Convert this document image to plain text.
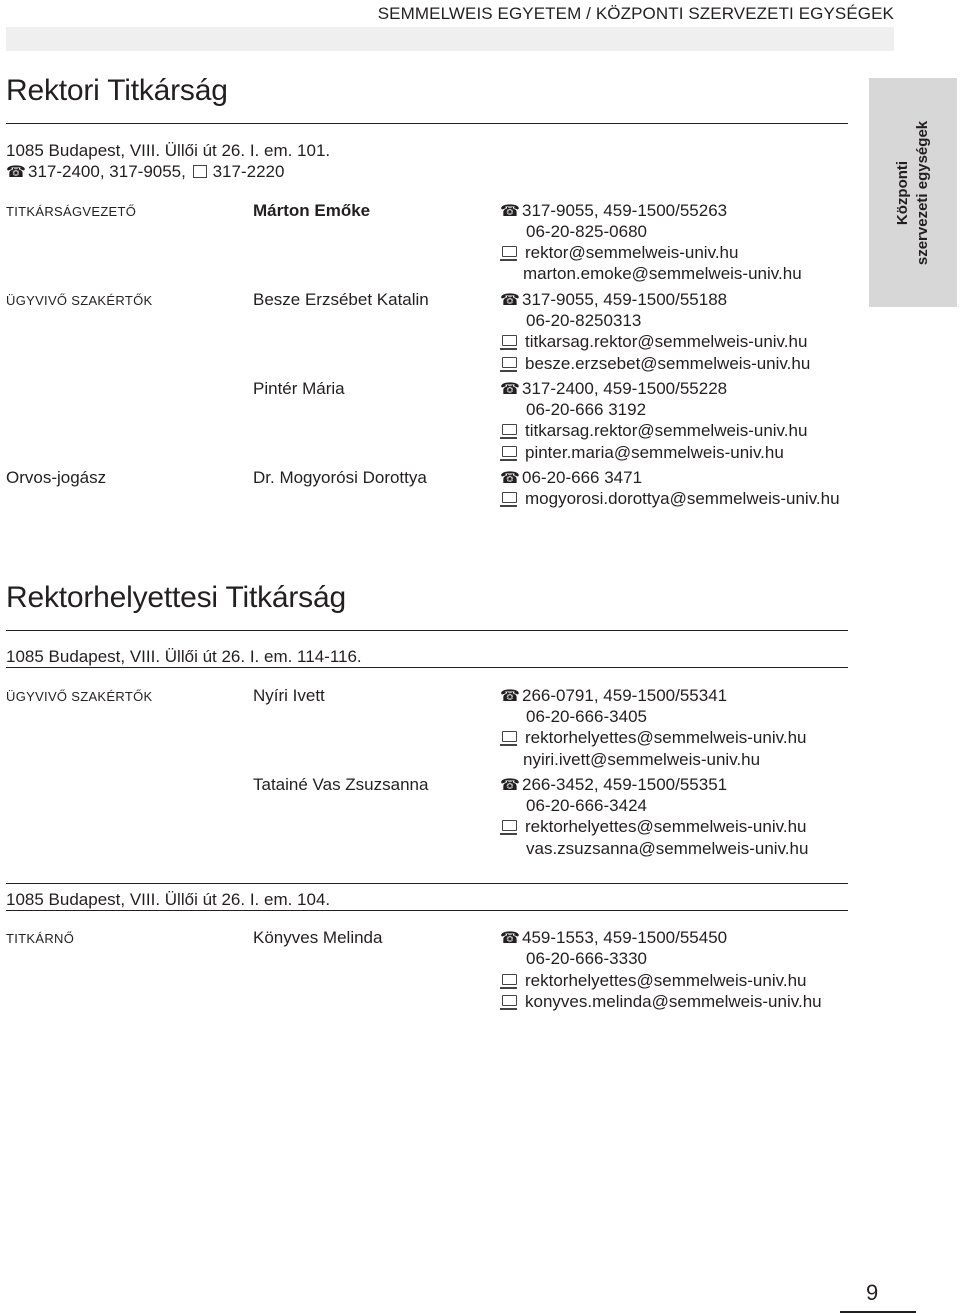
SEMMELWEIS EGYETEM / KÖZPONTI SZERVEZETI EGYSÉGEK
Központi szervezeti egységek
Rektori Titkárság
1085 Budapest, VIII. Üllői út 26. I. em. 101.
☎ 317-2400, 317-9055, 317-2220
TITKÁRSÁGVEZETŐ	Márton Emőke	☎ 317-9055, 459-1500/55263
06-20-825-0680
rektor@semmelweis-univ.hu
marton.emoke@semmelweis-univ.hu
ÜGYVIVŐ SZAKÉRTŐK	Besze Erzsébet Katalin	☎ 317-9055, 459-1500/55188
06-20-8250313
titkarsag.rektor@semmelweis-univ.hu
besze.erzsebet@semmelweis-univ.hu
Pintér Mária	☎ 317-2400, 459-1500/55228
06-20-666 3192
titkarsag.rektor@semmelweis-univ.hu
pinter.maria@semmelweis-univ.hu
Orvos-jogász	Dr. Mogyorósi Dorottya	☎ 06-20-666 3471
mogyorosi.dorottya@semmelweis-univ.hu
Rektorhelyettesi Titkárság
1085 Budapest, VIII. Üllői út 26. I. em. 114-116.
ÜGYVIVŐ SZAKÉRTŐK	Nyíri Ivett	☎ 266-0791, 459-1500/55341
06-20-666-3405
rektorhelyettes@semmelweis-univ.hu
nyiri.ivett@semmelweis-univ.hu
Tatainé Vas Zsuzsanna	☎ 266-3452, 459-1500/55351
06-20-666-3424
rektorhelyettes@semmelweis-univ.hu
vas.zsuzsanna@semmelweis-univ.hu
1085 Budapest, VIII. Üllői út 26. I. em. 104.
TITKÁRNŐ	Könyves Melinda	☎ 459-1553, 459-1500/55450
06-20-666-3330
rektorhelyettes@semmelweis-univ.hu
konyves.melinda@semmelweis-univ.hu
9
